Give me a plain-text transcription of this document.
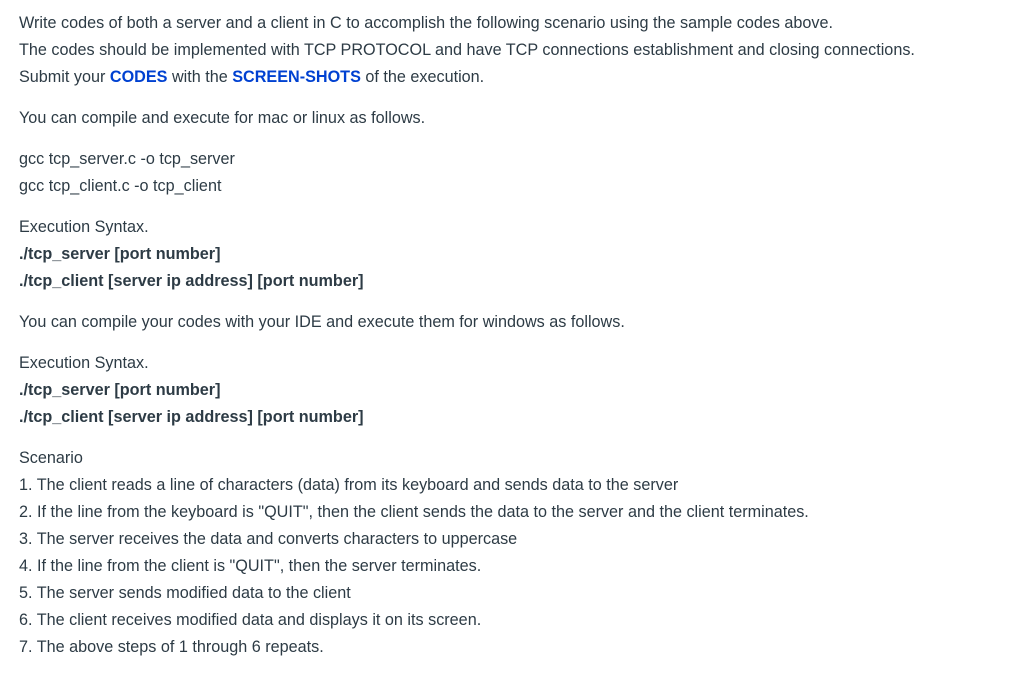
Write codes of both a server and a client in C to accomplish the following scenario using the sample codes above.
The codes should be implemented with TCP PROTOCOL and have TCP connections establishment and closing connections.
Submit your CODES with the SCREEN-SHOTS of the execution.
You can compile and execute for mac or linux as follows.
gcc tcp_server.c -o tcp_server
gcc tcp_client.c -o tcp_client
Execution Syntax.
./tcp_server [port number]
./tcp_client [server ip address] [port number]
You can compile your codes with your IDE and execute them for windows as follows.
Execution Syntax.
./tcp_server [port number]
./tcp_client [server ip address] [port number]
Scenario
1. The client reads a line of characters (data) from its keyboard and sends data to the server
2. If the line from the keyboard is "QUIT", then the client sends the data to the server and the client terminates.
3. The server receives the data and converts characters to uppercase
4. If the line from the client is "QUIT", then the server terminates.
5. The server sends modified data to the client
6. The client receives modified data and displays it on its screen.
7. The above steps of 1 through 6 repeats.
